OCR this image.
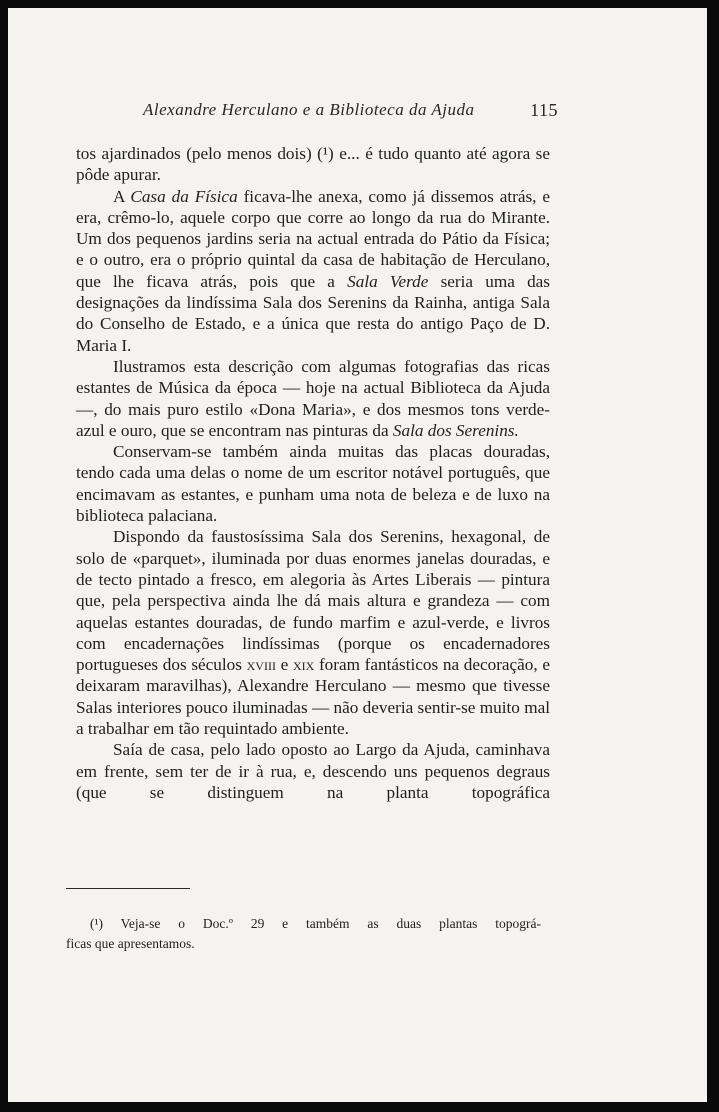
Alexandre Herculano e a Biblioteca da Ajuda	115

tos ajardinados (pelo menos dois) (¹) e... é tudo quanto até agora se pôde apurar.

A Casa da Física ficava-lhe anexa, como já dissemos atrás, e era, crêmo-lo, aquele corpo que corre ao longo da rua do Mirante. Um dos pequenos jardins seria na actual entrada do Pátio da Física; e o outro, era o próprio quintal da casa de habitação de Herculano, que lhe ficava atrás, pois que a Sala Verde seria uma das designações da lindíssima Sala dos Serenins da Rainha, antiga Sala do Conselho de Estado, e a única que resta do antigo Paço de D. Maria I.

Ilustramos esta descrição com algumas fotografias das ricas estantes de Música da época — hoje na actual Biblioteca da Ajuda —, do mais puro estilo «Dona Maria», e dos mesmos tons verde-azul e ouro, que se encontram nas pinturas da Sala dos Serenins.

Conservam-se também ainda muitas das placas douradas, tendo cada uma delas o nome de um escritor notável português, que encimavam as estantes, e punham uma nota de beleza e de luxo na biblioteca palaciana.

Dispondo da faustosíssima Sala dos Serenins, hexagonal, de solo de «parquet», iluminada por duas enormes janelas douradas, e de tecto pintado a fresco, em alegoria às Artes Liberais — pintura que, pela perspectiva ainda lhe dá mais altura e grandeza — com aquelas estantes douradas, de fundo marfim e azul-verde, e livros com encadernações lindíssimas (porque os encadernadores portugueses dos séculos xviii e xix foram fantásticos na decoração, e deixaram maravilhas), Alexandre Herculano — mesmo que tivesse Salas interiores pouco iluminadas — não deveria sentir-se muito mal a trabalhar em tão requintado ambiente.

Saía de casa, pelo lado oposto ao Largo da Ajuda, caminhava em frente, sem ter de ir à rua, e, descendo uns pequenos degraus (que se distinguem na planta topográfica

(¹) Veja-se o Doc.º 29 e também as duas plantas topográ-
ficas que apresentamos.
